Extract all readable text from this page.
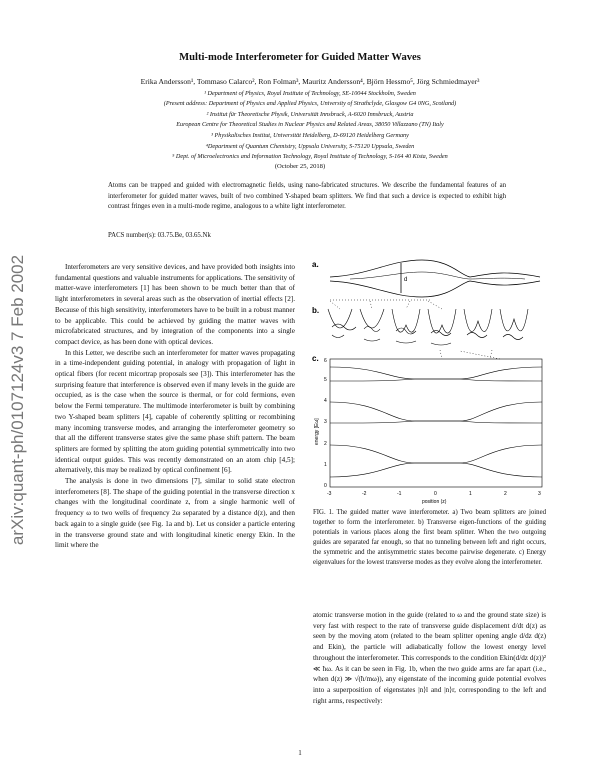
Multi-mode Interferometer for Guided Matter Waves
Erika Andersson¹, Tommaso Calarco², Ron Folman³, Mauritz Andersson⁴, Björn Hessmo⁵, Jörg Schmiedmayer³
¹ Department of Physics, Royal Institute of Technology, SE-10044 Stockholm, Sweden
(Present address: Department of Physics and Applied Physics, University of Strathclyde, Glasgow G4 0NG, Scotland)
² Institut für Theoretische Physik, Universität Innsbruck, A-6020 Innsbruck, Austria
European Centre for Theoretical Studies in Nuclear Physics and Related Areas, 38050 Villazzano (TN) Italy
³ Physikalisches Institut, Universität Heidelberg, D-69120 Heidelberg Germany
⁴Department of Quantum Chemistry, Uppsala University, S-75120 Uppsala, Sweden
⁵ Dept. of Microelectronics and Information Technology, Royal Institute of Technology, S-164 40 Kista, Sweden
(October 25, 2018)
Atoms can be trapped and guided with electromagnetic fields, using nano-fabricated structures. We describe the fundamental features of an interferometer for guided matter waves, built of two combined Y-shaped beam splitters. We find that such a device is expected to exhibit high contrast fringes even in a multi-mode regime, analogous to a white light interferometer.
PACS number(s): 03.75.Be, 03.65.Nk
arXiv:quant-ph/0107124v3 7 Feb 2002	Interferometers are very sensitive devices, and have provided both insights into fundamental questions and valuable instruments for applications. The sensitivity of matter-wave interferometers [1] has been shown to be much better than that of light interferometers in several areas such as the observation of inertial effects [2]. Because of this high sensitivity, interferometers have to be built in a robust manner to be applicable. This could be achieved by guiding the matter waves with microfabricated structures, and by integration of the components into a single compact device, as has been done with optical devices.

In this Letter, we describe such an interferometer for matter waves propagating in a time-independent guiding potential, in analogy with propagation of light in optical fibers (for recent micortrap proposals see [3]). This interferometer has the surprising feature that interference is observed even if many levels in the guide are occupied, as is the case when the source is thermal, or for cold fermions, even below the Fermi temperature. The multimode interferometer is built by combining two Y-shaped beam splitters [4], capable of coherently splitting or recombining many incoming transverse modes, and arranging the interferometer geometry so that all the different transverse states give the same phase shift pattern. The beam splitters are formed by splitting the atom guiding potential symmetrically into two identical output guides. This was recently demonstrated on an atom chip [4,5]; alternatively, this may be realized by optical confinement [6].

The analysis is done in two dimensions [7], similar to solid state electron interferometers [8]. The shape of the guiding potential in the transverse direction x changes with the longitudinal coordinate z, from a single harmonic well of frequency ω to two wells of frequency 2ω separated by a distance d(z), and then back again to a single guide (see Fig. 1a and b). Let us consider a particle entering in the transverse ground state and with longitudinal kinetic energy Ekin. In the limit where the

a.
d
b.
c.
0
1
2
3
4
5
6
-3	-2	-1	0	1	2	3
position (z)
energy [Eω]
FIG. 1. The guided matter wave interferometer. a) Two beam splitters are joined together to form the interferometer. b) Transverse eigen-functions of the guiding potentials in various places along the first beam splitter. When the two outgoing guides are separated far enough, so that no tunneling between left and right occurs, the symmetric and the antisymmetric states become pairwise degenerate. c) Energy eigenvalues for the lowest transverse modes as they evolve along the interferometer.

atomic transverse motion in the guide (related to ω and the ground state size) is very fast with respect to the rate of transverse guide displacement d/dt d(z) as seen by the moving atom (related to the beam splitter opening angle d/dz d(z) and Ekin), the particle will adiabatically follow the lowest energy level throughout the interferometer. This corresponds to the condition Ekin(d/dz d(z))² ≪ ħω. As it can be seen in Fig. 1b, when the two guide arms are far apart (i.e., when d(z) ≫ √(ħ/mω)), any eigenstate of the incoming guide potential evolves into a superposition of eigenstates |n⟩l and |n⟩r, corresponding to the left and right arms, respectively:

1
